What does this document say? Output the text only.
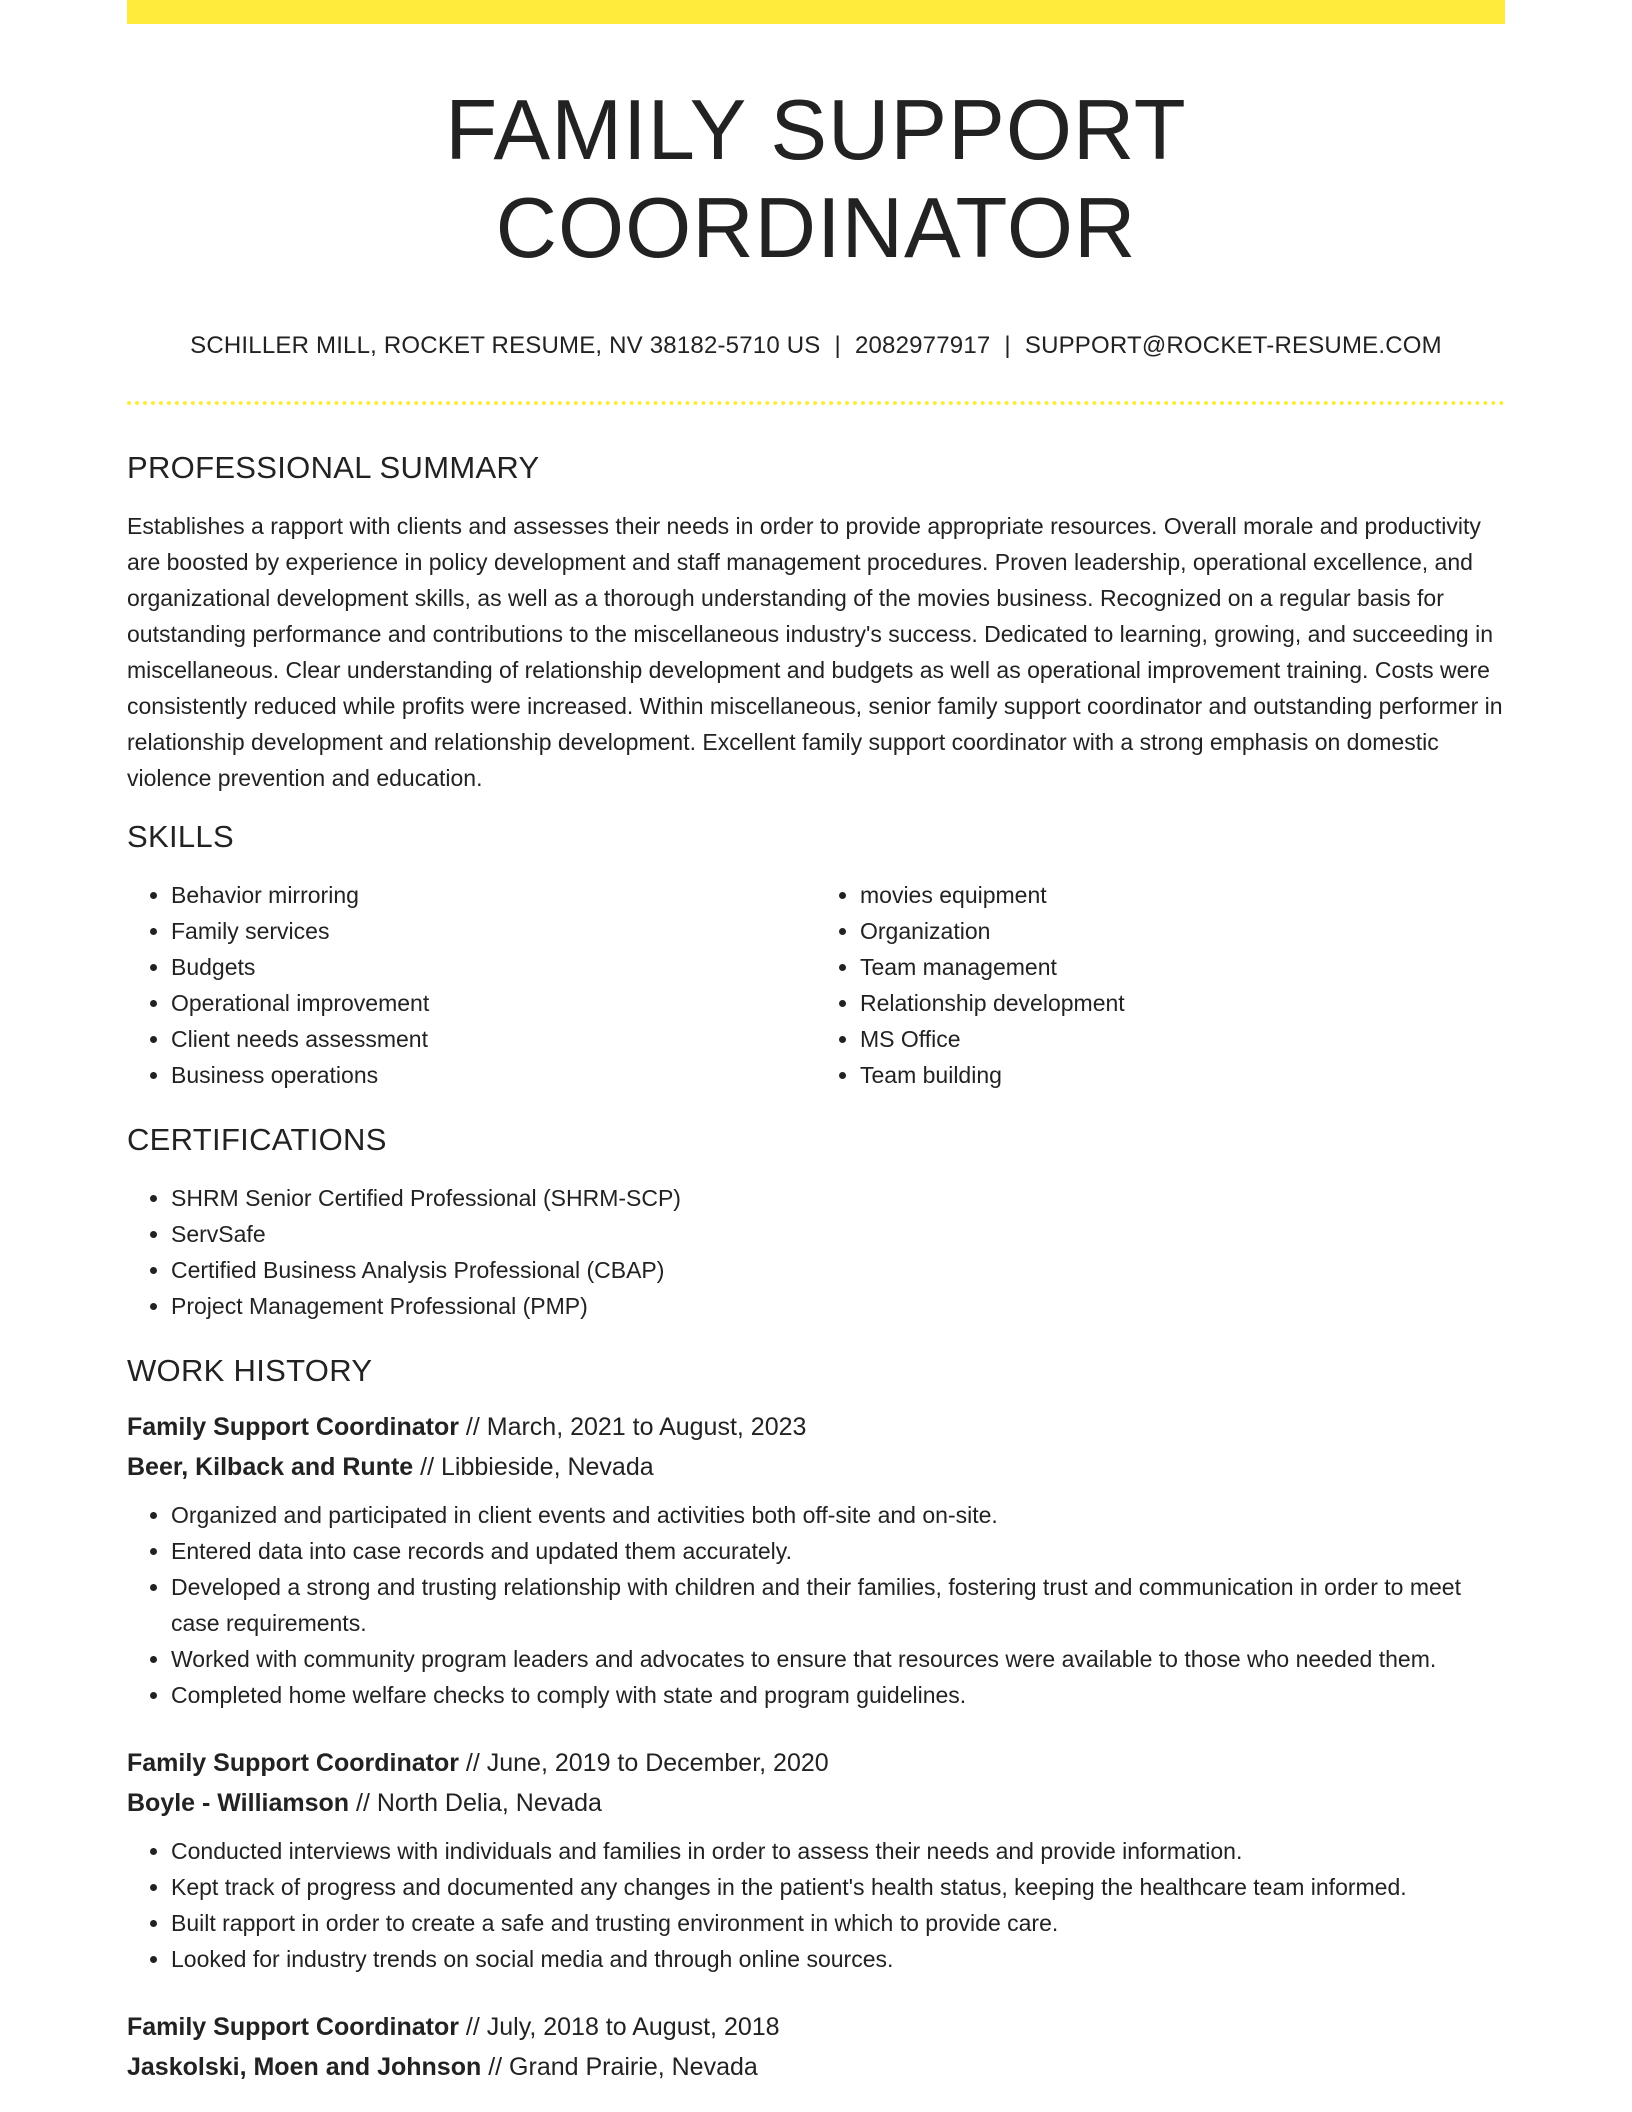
FAMILY SUPPORT COORDINATOR
SCHILLER MILL, ROCKET RESUME, NV 38182-5710 US | 2082977917 | SUPPORT@ROCKET-RESUME.COM
PROFESSIONAL SUMMARY

Establishes a rapport with clients and assesses their needs in order to provide appropriate resources. Overall morale and productivity are boosted by experience in policy development and staff management procedures. Proven leadership, operational excellence, and organizational development skills, as well as a thorough understanding of the movies business. Recognized on a regular basis for outstanding performance and contributions to the miscellaneous industry's success. Dedicated to learning, growing, and succeeding in miscellaneous. Clear understanding of relationship development and budgets as well as operational improvement training. Costs were consistently reduced while profits were increased. Within miscellaneous, senior family support coordinator and outstanding performer in relationship development and relationship development. Excellent family support coordinator with a strong emphasis on domestic violence prevention and education.

SKILLS
• Behavior mirroring
• Family services
• Budgets
• Operational improvement
• Client needs assessment
• Business operations
• movies equipment
• Organization
• Team management
• Relationship development
• MS Office
• Team building
CERTIFICATIONS
• SHRM Senior Certified Professional (SHRM-SCP)
• ServSafe
• Certified Business Analysis Professional (CBAP)
• Project Management Professional (PMP)
WORK HISTORY
Family Support Coordinator // March, 2021 to August, 2023
Beer, Kilback and Runte // Libbieside, Nevada
• Organized and participated in client events and activities both off-site and on-site.
• Entered data into case records and updated them accurately.
• Developed a strong and trusting relationship with children and their families, fostering trust and communication in order to meet case requirements.
• Worked with community program leaders and advocates to ensure that resources were available to those who needed them.
• Completed home welfare checks to comply with state and program guidelines.
Family Support Coordinator // June, 2019 to December, 2020
Boyle - Williamson // North Delia, Nevada
• Conducted interviews with individuals and families in order to assess their needs and provide information.
• Kept track of progress and documented any changes in the patient's health status, keeping the healthcare team informed.
• Built rapport in order to create a safe and trusting environment in which to provide care.
• Looked for industry trends on social media and through online sources.
Family Support Coordinator // July, 2018 to August, 2018
Jaskolski, Moen and Johnson // Grand Prairie, Nevada
